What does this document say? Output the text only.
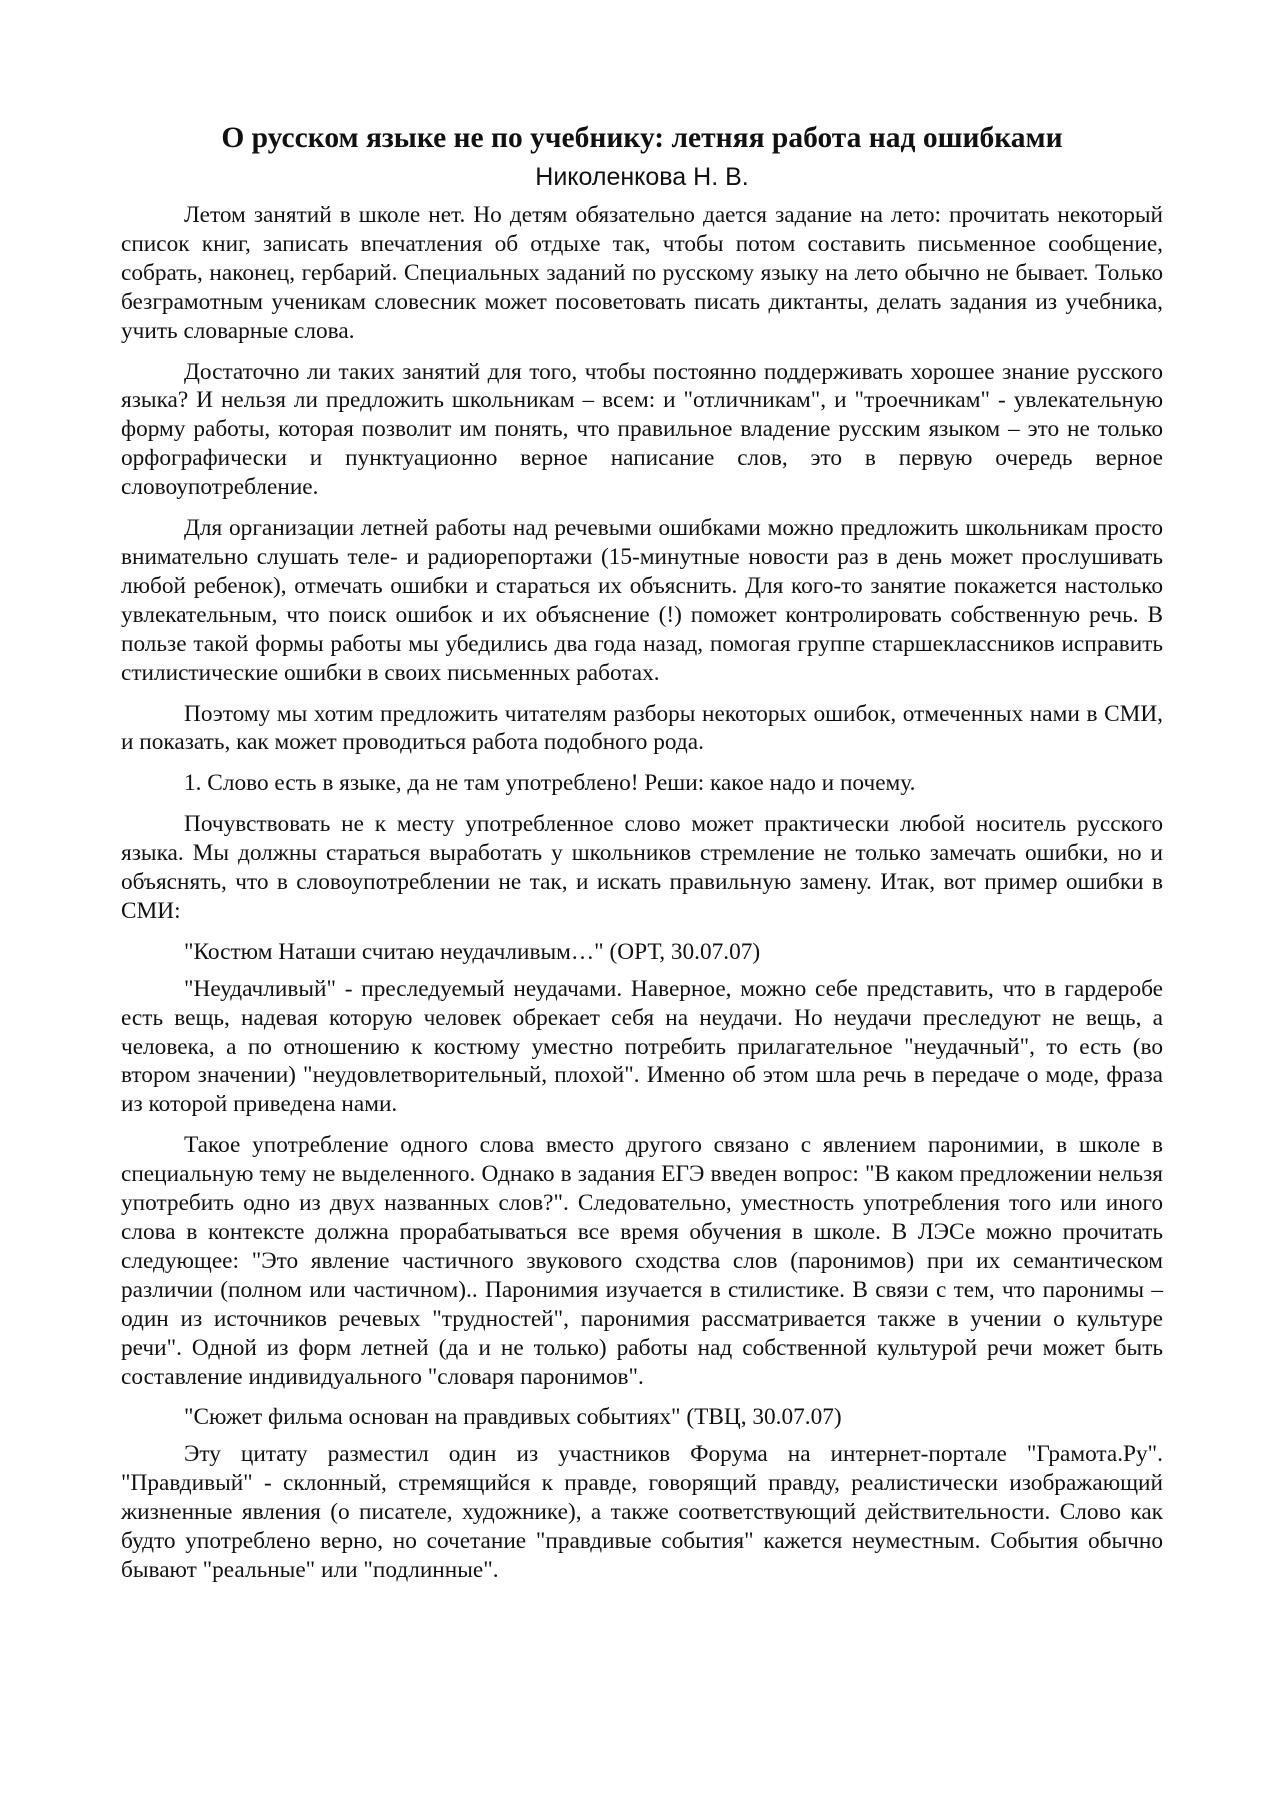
О русском языке не по учебнику: летняя работа над ошибками
Николенкова Н. В.

Летом занятий в школе нет. Но детям обязательно дается задание на лето: прочитать некоторый список книг, записать впечатления об отдыхе так, чтобы потом составить письменное сообщение, собрать, наконец, гербарий. Специальных заданий по русскому языку на лето обычно не бывает. Только безграмотным ученикам словесник может посоветовать писать диктанты, делать задания из учебника, учить словарные слова.

Достаточно ли таких занятий для того, чтобы постоянно поддерживать хорошее знание русского языка? И нельзя ли предложить школьникам – всем: и "отличникам", и "троечникам" - увлекательную форму работы, которая позволит им понять, что правильное владение русским языком – это не только орфографически и пунктуационно верное написание слов, это в первую очередь верное словоупотребление.

Для организации летней работы над речевыми ошибками можно предложить школьникам просто внимательно слушать теле- и радиорепортажи (15-минутные новости раз в день может прослушивать любой ребенок), отмечать ошибки и стараться их объяснить. Для кого-то занятие покажется настолько увлекательным, что поиск ошибок и их объяснение (!) поможет контролировать собственную речь. В пользе такой формы работы мы убедились два года назад, помогая группе старшеклассников исправить стилистические ошибки в своих письменных работах.

Поэтому мы хотим предложить читателям разборы некоторых ошибок, отмеченных нами в СМИ, и показать, как может проводиться работа подобного рода.

1. Слово есть в языке, да не там употреблено! Реши: какое надо и почему.

Почувствовать не к месту употребленное слово может практически любой носитель русского языка. Мы должны стараться выработать у школьников стремление не только замечать ошибки, но и объяснять, что в словоупотреблении не так, и искать правильную замену. Итак, вот пример ошибки в СМИ:

"Костюм Наташи считаю неудачливым…" (ОРТ, 30.07.07)

"Неудачливый" - преследуемый неудачами. Наверное, можно себе представить, что в гардеробе есть вещь, надевая которую человек обрекает себя на неудачи. Но неудачи преследуют не вещь, а человека, а по отношению к костюму уместно потребить прилагательное "неудачный", то есть (во втором значении) "неудовлетворительный, плохой". Именно об этом шла речь в передаче о моде, фраза из которой приведена нами.

Такое употребление одного слова вместо другого связано с явлением паронимии, в школе в специальную тему не выделенного. Однако в задания ЕГЭ введен вопрос: "В каком предложении нельзя употребить одно из двух названных слов?". Следовательно, уместность употребления того или иного слова в контексте должна прорабатываться все время обучения в школе. В ЛЭСе можно прочитать следующее: "Это явление частичного звукового сходства слов (паронимов) при их семантическом различии (полном или частичном).. Паронимия изучается в стилистике. В связи с тем, что паронимы – один из источников речевых "трудностей", паронимия рассматривается также в учении о культуре речи". Одной из форм летней (да и не только) работы над собственной культурой речи может быть составление индивидуального "словаря паронимов".

"Сюжет фильма основан на правдивых событиях" (ТВЦ, 30.07.07)

Эту цитату разместил один из участников Форума на интернет-портале "Грамота.Ру". "Правдивый" - склонный, стремящийся к правде, говорящий правду, реалистически изображающий жизненные явления (о писателе, художнике), а также соответствующий действительности. Слово как будто употреблено верно, но сочетание "правдивые события" кажется неуместным. События обычно бывают "реальные" или "подлинные".
